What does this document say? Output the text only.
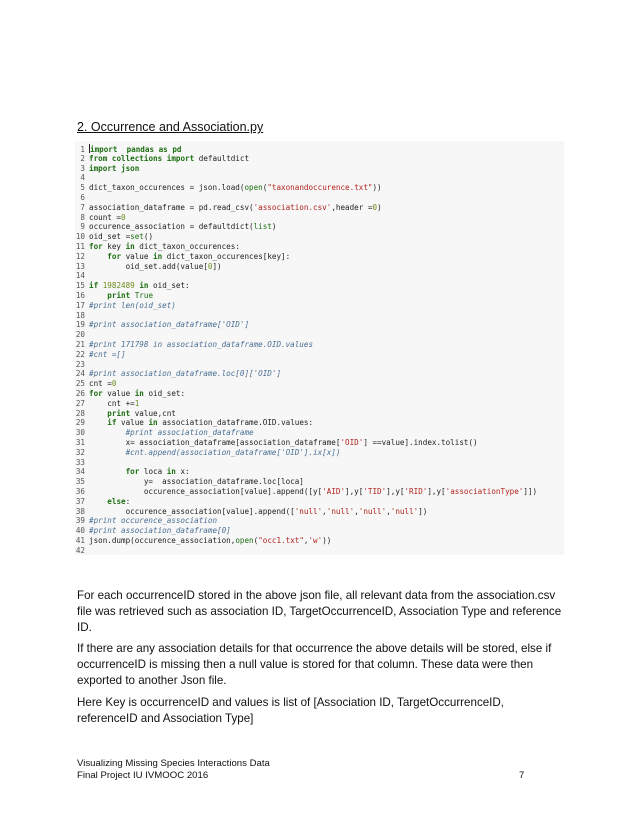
2. Occurrence and Association.py
1 import pandas as pd
2 from collections import defaultdict
3 import json
4
5 dict_taxon_occurences = json.load(open("taxonandoccurence.txt"))
6
7 association_dataframe = pd.read_csv('association.csv',header =0)
8 count =0
9 occurence_association = defaultdict(list)
10 oid_set =set()
11 for key in dict_taxon_occurences:
12	for value in dict_taxon_occurences[key]:
13        oid_set.add(value[0])
14
15 if 1982489 in oid_set:
16	print True
17 #print len(oid_set)
18
19 #print association_dataframe['OID']
20
21 #print 171798 in association_dataframe.OID.values
22 #cnt =[]
23
24 #print association_dataframe.loc[0]['OID']
25 cnt =0
26 for value in oid_set:
27    cnt +=1
28	print value,cnt
29	if value in association_dataframe.OID.values:
30	#print association_dataframe
31        x= association_dataframe[association_dataframe['OID'] ==value].index.tolist()
32	#cnt.append(association_dataframe['OID'].ix[x])
33
34	for loca in x:
35            y=  association_dataframe.loc[loca]
36            occurence_association[value].append([y['AID'],y['TID'],y['RID'],y['associationType']])
37	else:
38        occurence_association[value].append(['null','null','null','null'])
39 #print occurence_association
40 #print association_dataframe[0]
41 json.dump(occurence_association,open("occ1.txt",'w'))
42
For each occurrenceID stored in the above json file, all relevant data from the association.csv file was retrieved such as association ID, TargetOccurrenceID, Association Type and reference ID.
If there are any association details for that occurrence the above details will be stored, else if occurrenceID is missing then a null value is stored for that column. These data were then exported to another Json file.
Here Key is occurrenceID and values is list of [Association ID, TargetOccurrenceID, referenceID and Association Type]
Visualizing Missing Species Interactions Data
Final Project IU IVMOOC 2016	7
